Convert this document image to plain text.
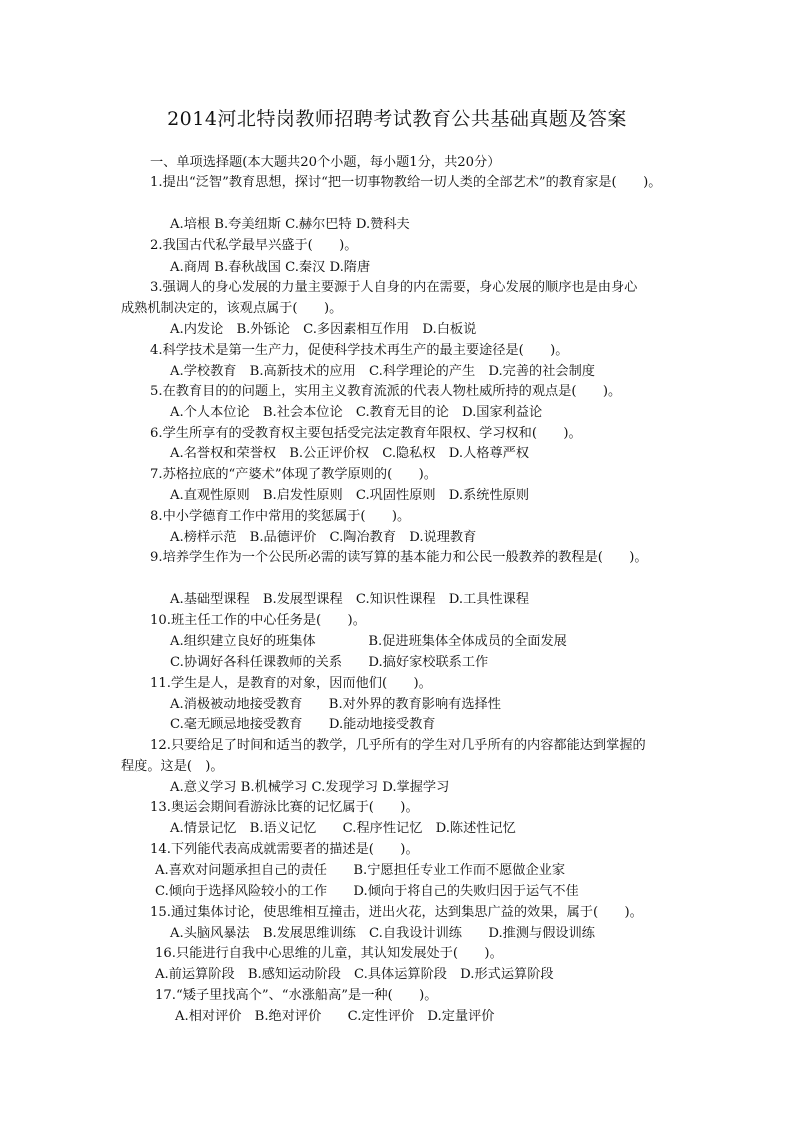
2014河北特岗教师招聘考试教育公共基础真题及答案
一、单项选择题(本大题共20个小题，每小题1分，共20分）
1.提出“泛智”教育思想，探讨“把一切事物教给一切人类的全部艺术”的教育家是(　　)。
A.培根 B.夸美纽斯 C.赫尔巴特 D.赞科夫
2.我国古代私学最早兴盛于(　　)。
A.商周 B.春秋战国 C.秦汉 D.隋唐
3.强调人的身心发展的力量主要源于人自身的内在需要，身心发展的顺序也是由身心
成熟机制决定的，该观点属于(　　)。
A.内发论　B.外铄论　C.多因素相互作用　D.白板说
4.科学技术是第一生产力，促使科学技术再生产的最主要途径是(　　)。
A.学校教育　B.高新技术的应用　C.科学理论的产生　D.完善的社会制度
5.在教育目的的问题上，实用主义教育流派的代表人物杜威所持的观点是(　　)。
A.个人本位论　B.社会本位论　C.教育无目的论　D.国家利益论
6.学生所享有的受教育权主要包括受完法定教育年限权、学习权和(　　)。
A.名誉权和荣誉权　B.公正评价权　C.隐私权　D.人格尊严权
7.苏格拉底的“产婆术”体现了教学原则的(　　)。
A.直观性原则　B.启发性原则　C.巩固性原则　D.系统性原则
8.中小学德育工作中常用的奖惩属于(　　)。
A.榜样示范　B.品德评价　C.陶冶教育　D.说理教育
9.培养学生作为一个公民所必需的读写算的基本能力和公民一般教养的教程是(　　)。
A.基础型课程　B.发展型课程　C.知识性课程　D.工具性课程
10.班主任工作的中心任务是(　　)。
A.组织建立良好的班集体　　　　B.促进班集体全体成员的全面发展
C.协调好各科任课教师的关系　　D.搞好家校联系工作
11.学生是人，是教育的对象，因而他们(　　)。
A.消极被动地接受教育　　B.对外界的教育影响有选择性
C.毫无顾忌地接受教育　　D.能动地接受教育
12.只要给足了时间和适当的教学，几乎所有的学生对几乎所有的内容都能达到掌握的
程度。这是(　)。
A.意义学习 B.机械学习 C.发现学习 D.掌握学习
13.奥运会期间看游泳比赛的记忆属于(　　)。
A.情景记忆　B.语义记忆　　C.程序性记忆　D.陈述性记忆
14.下列能代表高成就需要者的描述是(　　)。
A.喜欢对问题承担自己的责任　　B.宁愿担任专业工作而不愿做企业家
C.倾向于选择风险较小的工作　　D.倾向于将自己的失败归因于运气不佳
15.通过集体讨论，使思维相互撞击，迸出火花，达到集思广益的效果，属于(　　)。
A.头脑风暴法　B.发展思维训练　C.自我设计训练　　D.推测与假设训练
16.只能进行自我中心思维的儿童，其认知发展处于(　　)。
A.前运算阶段　B.感知运动阶段　C.具体运算阶段　D.形式运算阶段
17.“矮子里找高个”、“水涨船高”是一种(　　)。
A.相对评价　B.绝对评价　　C.定性评价　D.定量评价
